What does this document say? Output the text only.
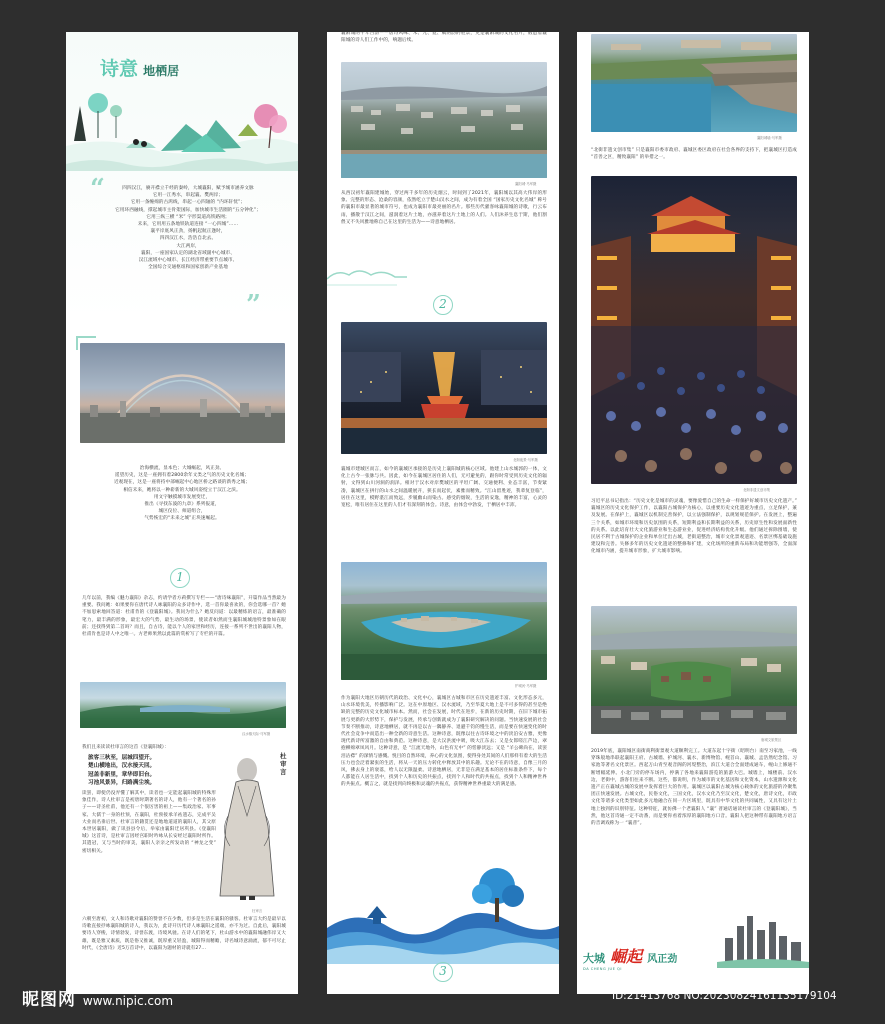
诗意 地栖居
“	四四汉江，赓开襟立千经的秦岭，大城襄阳，赋予城市涵养文脉
它用一江秀水，串起襄、樊两岸；
它用一条缠绵的古鸿线，串起一心四轴的 “内环轩忧”；
它用环西融线，撑起城市主骨架国际，加快城市生活圈的“五分钟化”；
它用三纵三横 “米” 字形渠道高铁路网；
未来，它用用五条地铁轨道连接 “一心四城”……
襄平岸底风正劲，扬帆起航正逢时，
四四汉江水，浩浩自北去。
大江两岸，
襄阳，一座国家认定的湖北省域副中心城市、
汉江流域中心城市、长江经济带重要节点城市、
全国综合交通枢纽和国家创新产业基地
”
治海横流，显本色；大城崛起，风正劲。
遥望历史，这是一座拥有着2800余年文类之气的历史文化名城；
近观现在，这是一座将持中部崛起中心地区桥之路谈的新秀之城；
相信未来，她将以一种崭新的大城风姿绽立于汉江之滨。
用文字触摸城市发展变迁，
推出《寻找东波的九章》系列报道，
城区仪位、师道组合，
气势恢宏的“未来之城”正块速崛起。
1
几年以前，我编《魅力襄阳》杂志，约请学者方莉撰写专栏——“唐诗味襄阳”，开篇作品当然最为重要。我问她：如果要你在唐代诗人咏襄阳的众多诗作中，选一首你最喜欢的，你会选哪一首？她不加思索地回答道：杜甫肯的《登襄阳城》。我问为什么？她反问道：以最精炼的语言，最准确的笔力，最丰满的形象，最宏大的气势，最生动的场景，使读者如然而生襄阳城城池特景象如在眼前；还找得到第二首吗？而且，自古诗，能以个人的家世和经历，连接一系列不世出的襄阳人物，杜甫肯也是诗人中之唯一。方老师果然以此篇的赏析写了专栏的开篇。
汉水镇天际·马军摄
我们且来读读杜审言的这首《登襄阳城》：
旅客三秋至，层城四望开。
楚山横地出，汉水接天回。
冠盖非新里，章华即旧台。
习池风景异，归路满尘埃。
杜审言
杜审言
读罢，即使仍没弄懂了解其中，读者也一定能起襄阳城的特殊形象佳作，诗人杜审言是初唐时期著名的诗人，他有一个著名的孙子——诗圣杜甫，他还有一个很厉害的祖上——集政治家、军事家、大儒于一身的杜预，在襄阳，杜预接承羊祜遗志，完成平吴大业而名垂后世。杜审言的籍贯还是地地道道的襄阳人，其父原本世居襄阳，做了讯县县令后，举家由襄阳迁居巩县。《登襄阳城》这首诗，是杜审言因经宫职时吟咏从长安经过襄阳时所作。其遣冠，又与当时的审美，襄阳人亲亲之所发动的 “神龙之变” 密切相关。
六朝至唐初，文人和诗歌对襄阳的赞誉不在少数，但多是生活在襄阳的骚客。杜审言大约是最早以诗歌直接抒咏襄阳城的诗人，我以为，此诗开历代诗人咏襄阳之遥端，亦不为过。自此后，襄阳城要诗人穿梭，诗情勃发，诗誉东渡，诗境风驰。在诗人们的笔下，杜山游水中的襄阳城融伟岸又大雄，既是雅又素质，既是俗又推诚，既厚重又轻盈，城阳得而精瞻，诗名城诗意涌流，郁不可尽止时代，《全唐诗》近5万首诗中，以襄阳为题材的诗就有27...
襄阳城的千年古韵一一唐诗风味、米、元、霓、赋的韵的胜景，更是襄阳城的文化名片，锻造着襄阳城的诗人们工作中的，响题后续。
襄阳城·马军摄
从西汉初年襄阳建城始，穿过两千多年的历史烟云，时间到了2021年，襄阳城以其高大伟岸的形象、完整的形态、沧桑的容颜，依然屹立于楚山汉水之间，成为有着全国 “国家历史文化名城” 称号的襄阳市最显著的城市符号，也成为襄阳市最亮丽的名片。那些历代骚客咏襄阳城的诗歌，行云布雨，播散于汉江之间，滋润着这片土地，亦滋养着这片土地上的人们。人们沐养生息于斯，他们割偎又不失风雅地称自己在这里的生活为——诗意地栖居。
2
北街夜景·马军摄
襄城市建城区而言，如今的襄城区承接的是历史上襄阳城的核心区域。他建上山水城郭的一体，文化上古今一张脉与共。因此，如今在襄城区居住的人们，无可避免的，跟你时常受到历史文化的辐射，文得到山川河洞的润泽。相对于汉水对岸樊城区的平坦广阔、交通便利、业态丰富，节奏紧凑，襄城区在拼行的山水之间温暖展开，狭长而起伏，素雅而精致。“江山留胜迹，我辈复登临”，居住在这里，模野湛江而致远，步履幽山而染古。感受的烟锐，生活的安逸，精神的丰富，心灵的宽松，唯有居住在这里的人们才有深刻的体会。诗意，由体会中勃发，于栖居中丰沛。
护城河·马军摄
作为襄阳大地区历朝历代的政治、文化中心，襄城区古城和市区在历史遗迹丰富、文化形态多元，山水环境优美，传播影响广泛。这在中原地区、汉水流域，乃至华夏大地上是不可多得的甚至是绝缺的完整的历史文化城市标本。然而，社会在发展，时代在进步，在新的历史时期，在旧下城市拓展与更新的大形势下，保护与发展，传承与创新就成为了襄阳研究解决的问题。当快速发展的社会节奏不断推动，诗意地栖居，就不再是以古一隅静养、退避千钧的慢生活，而是要在快速变化的时代社会竞争中而造出一种全新的诗意生活。这种诗意，既像以往古诗环境之中的淡泊安古雅，更像现代新诗所富激的自由和典范。这种诗意，是大汉洪流中吸，吸大江东去；又是女郎嗟江芦边，翠抱柳绵翠凤风月。这种诗意，是 “江流天地外，山色有无中” 的恬静淡远；又是 “羊公碑尚在，读罢泪沾襟” 的深情与感慨。悦目的自然环境，养心的文化氛围，使得身处其间的人们那样有着大的生活压力也会泛着紧张的生活，将从一天的压力转化中释放其中的乐趣。无论不在的诗意，自像三月的风，拂去身上的衰落，给人以无限温柔。诗意地栖居，无非是在满足基本的居住标准条件下，每个人都能在人居生活中，找到个人和历史的共振点，找到个人和时代的共振点，找到个人和精神世界的共振点。概言之，就是找到向终极和灵魂的共振点，获得精神世界重最大的满足感。
3
襄阳城墙·马军摄
“北街非遗文创市集” 只是襄阳市委市政府、襄城区委区政府在社会各界的支持下，把襄城区打造成 “首善之区，精致襄阳” 的举措之一。
北街非遗文创市集
习近平总书记指出：“历史文化是城市的灵魂，要像爱惜自己的生命一样保护好城市历史文化遗产。” 襄城区的历史文化保护工作，以襄阳古城保护为核心，以重要历史文化遗迹为重点，立足保护，兼及发展。在保护上，襄城区以机制完善保护，以立法强制保护，以规划规范保护。在发展上，整遍三个关系，如城市环境和历史氛围的关系，短期利益和长期利益的关系，历史原生性和发展面新性的关系。以此培育壮大文化旅游业和生态游业业，促进经济结构优化升级。他们通过拆除围墙，使民居不利于古城保护的企业和单位迁出古城，老街道整治，城市文化景观遗迹、名景区绑基础设施建设和完善。失修多年的历史文化遗迹的整修和扩建，文化场所的重新布局和功能增强等，全面深化城市内涵，提升城市形象，扩大城市影响。
唐城文旅景区
2019年底，襄阳城区南街商利街景观大道顺利完工。大道东起十字街（昭明台）南至习家池，一线穿珠般地串联起襄阳王府、古城墙、护城河、襄水、新博物馆、岘首山、襄城、孟浩然纪念馆、习家池等著名文化景区。西起万山青至观音阁的河堤整治，滨江大道合全面建成通车，岘山上修通不断增幅延伸。小北门旁的停车场内，停满了各地来襄阳游览的旅游大巴。城墙上，城楼前、汉水边，老街中，游客们往来不断。这些，都说明，作为城市的文化基因和文化资本，山水遗源和文化遗产正在襄城古城的发展中发挥着巨大的作用。襄城区以襄阳古城为核心载体的文化旅游的冷聚集团正快速发展。古城文化，民俗文化，三国文化，汉水文化乃至汉文化，楚文化，唐诗文化，市政文化等诸多文化类型如此多元地融合在同一片区域里，既具有中华文化的共同属性，又具有这片土地上独到的识别特征。这种特征，就仿佛一个老襄阳人 “襄” 普通话通读杜审言的《登襄阳城》，当然，他这首诗通一定不动番，而是要你看着浓厚的襄阳地方口音。襄阳人把这种带有襄阳地方语言的音调戏称为一 “襄普”。
大城 崛起 风正劲
DA CHENG JUE QI
昵图网 www.nipic.com	ID:21413768 NO:20230824161135179104
